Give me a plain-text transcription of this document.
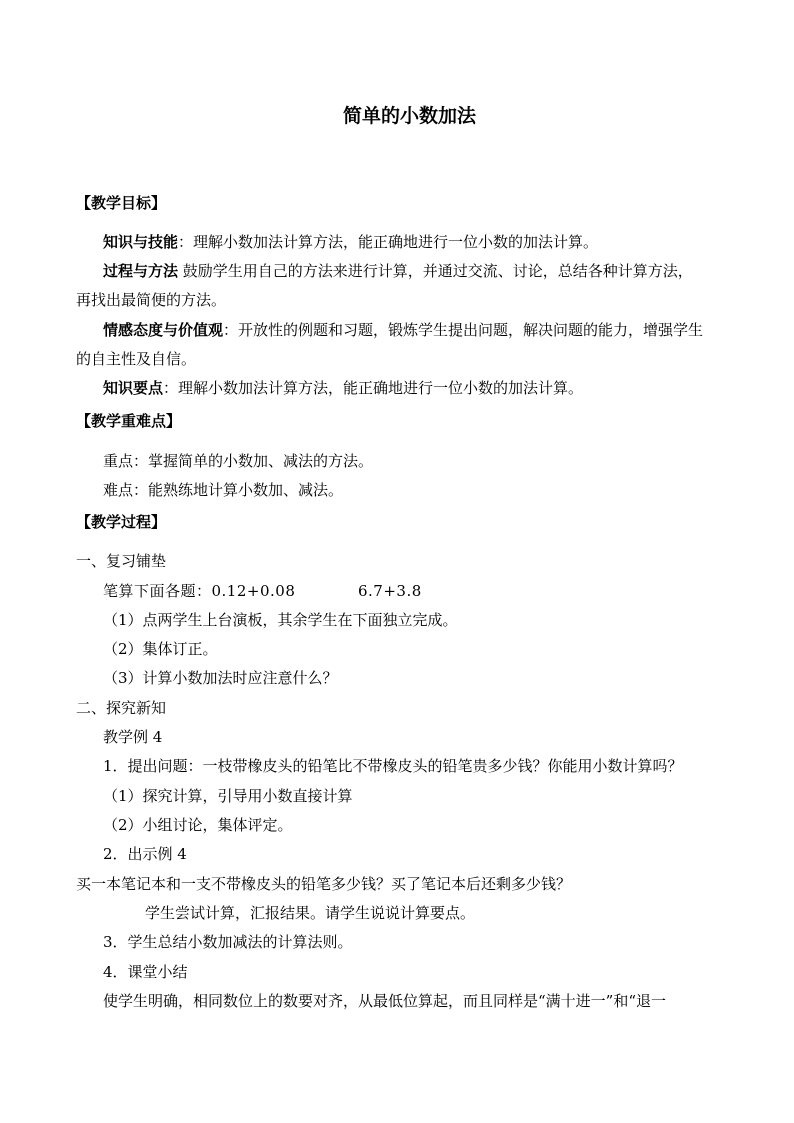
简单的小数加法
【教学目标】
知识与技能：理解小数加法计算方法，能正确地进行一位小数的加法计算。
过程与方法 鼓励学生用自己的方法来进行计算，并通过交流、讨论，总结各种计算方法，
再找出最简便的方法。
情感态度与价值观：开放性的例题和习题，锻炼学生提出问题，解决问题的能力，增强学生
的自主性及自信。
知识要点：理解小数加法计算方法，能正确地进行一位小数的加法计算。
【教学重难点】
重点：掌握简单的小数加、减法的方法。
难点：能熟练地计算小数加、减法。
【教学过程】
一、复习铺垫
笔算下面各题：0.12+0.08	6.7+3.8
（1）点两学生上台演板，其余学生在下面独立完成。
（2）集体订正。
（3）计算小数加法时应注意什么？
二、探究新知
教学例 4
1．提出问题：一枝带橡皮头的铅笔比不带橡皮头的铅笔贵多少钱？你能用小数计算吗？
（1）探究计算，引导用小数直接计算
（2）小组讨论，集体评定。
2．出示例 4
买一本笔记本和一支不带橡皮头的铅笔多少钱？买了笔记本后还剩多少钱？
学生尝试计算，汇报结果。请学生说说计算要点。
3．学生总结小数加减法的计算法则。
4．课堂小结
使学生明确，相同数位上的数要对齐，从最低位算起，而且同样是“满十进一”和“退一
